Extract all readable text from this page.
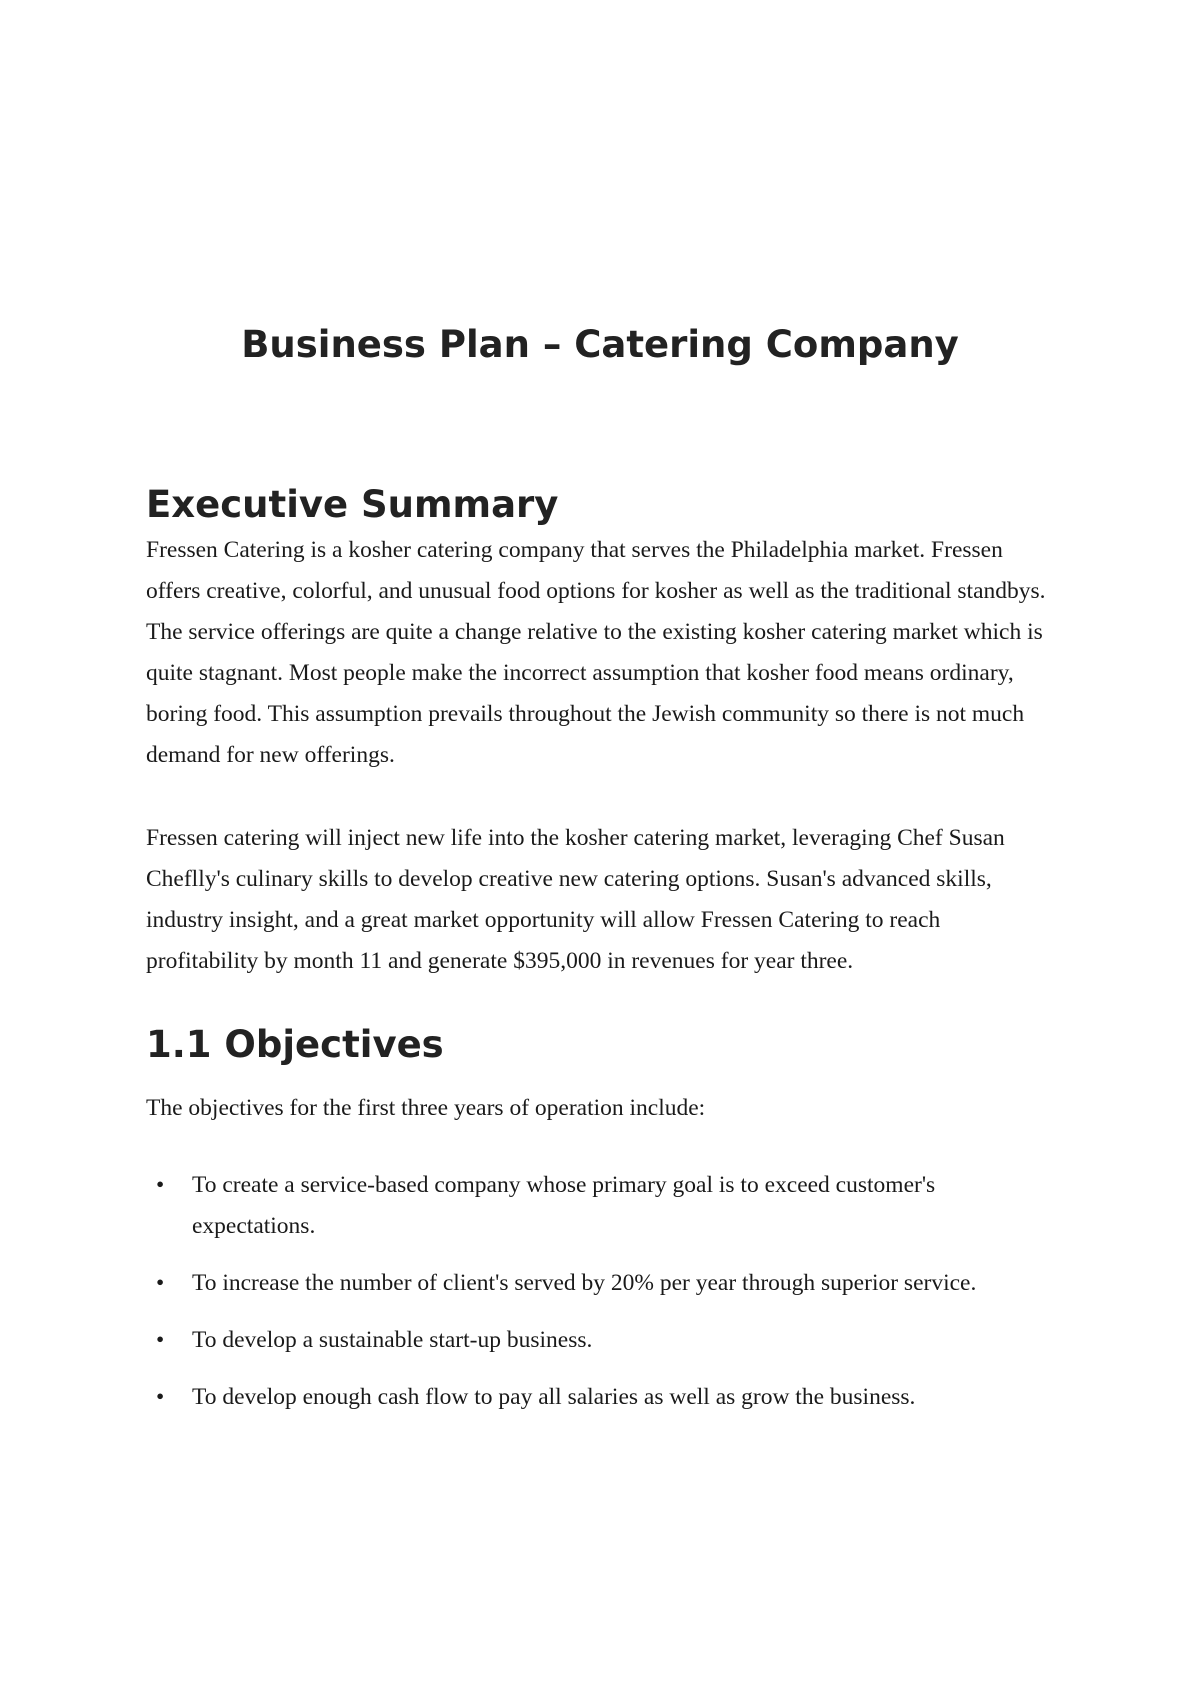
Business Plan – Catering Company
Executive Summary

Fressen Catering is a kosher catering company that serves the Philadelphia market. Fressen offers creative, colorful, and unusual food options for kosher as well as the traditional standbys. The service offerings are quite a change relative to the existing kosher catering market which is quite stagnant. Most people make the incorrect assumption that kosher food means ordinary, boring food. This assumption prevails throughout the Jewish community so there is not much demand for new offerings.

Fressen catering will inject new life into the kosher catering market, leveraging Chef Susan Cheflly's culinary skills to develop creative new catering options. Susan's advanced skills, industry insight, and a great market opportunity will allow Fressen Catering to reach profitability by month 11 and generate $395,000 in revenues for year three.

1.1 Objectives

The objectives for the first three years of operation include:

• To create a service-based company whose primary goal is to exceed customer's expectations.
• To increase the number of client's served by 20% per year through superior service.
• To develop a sustainable start-up business.
• To develop enough cash flow to pay all salaries as well as grow the business.
